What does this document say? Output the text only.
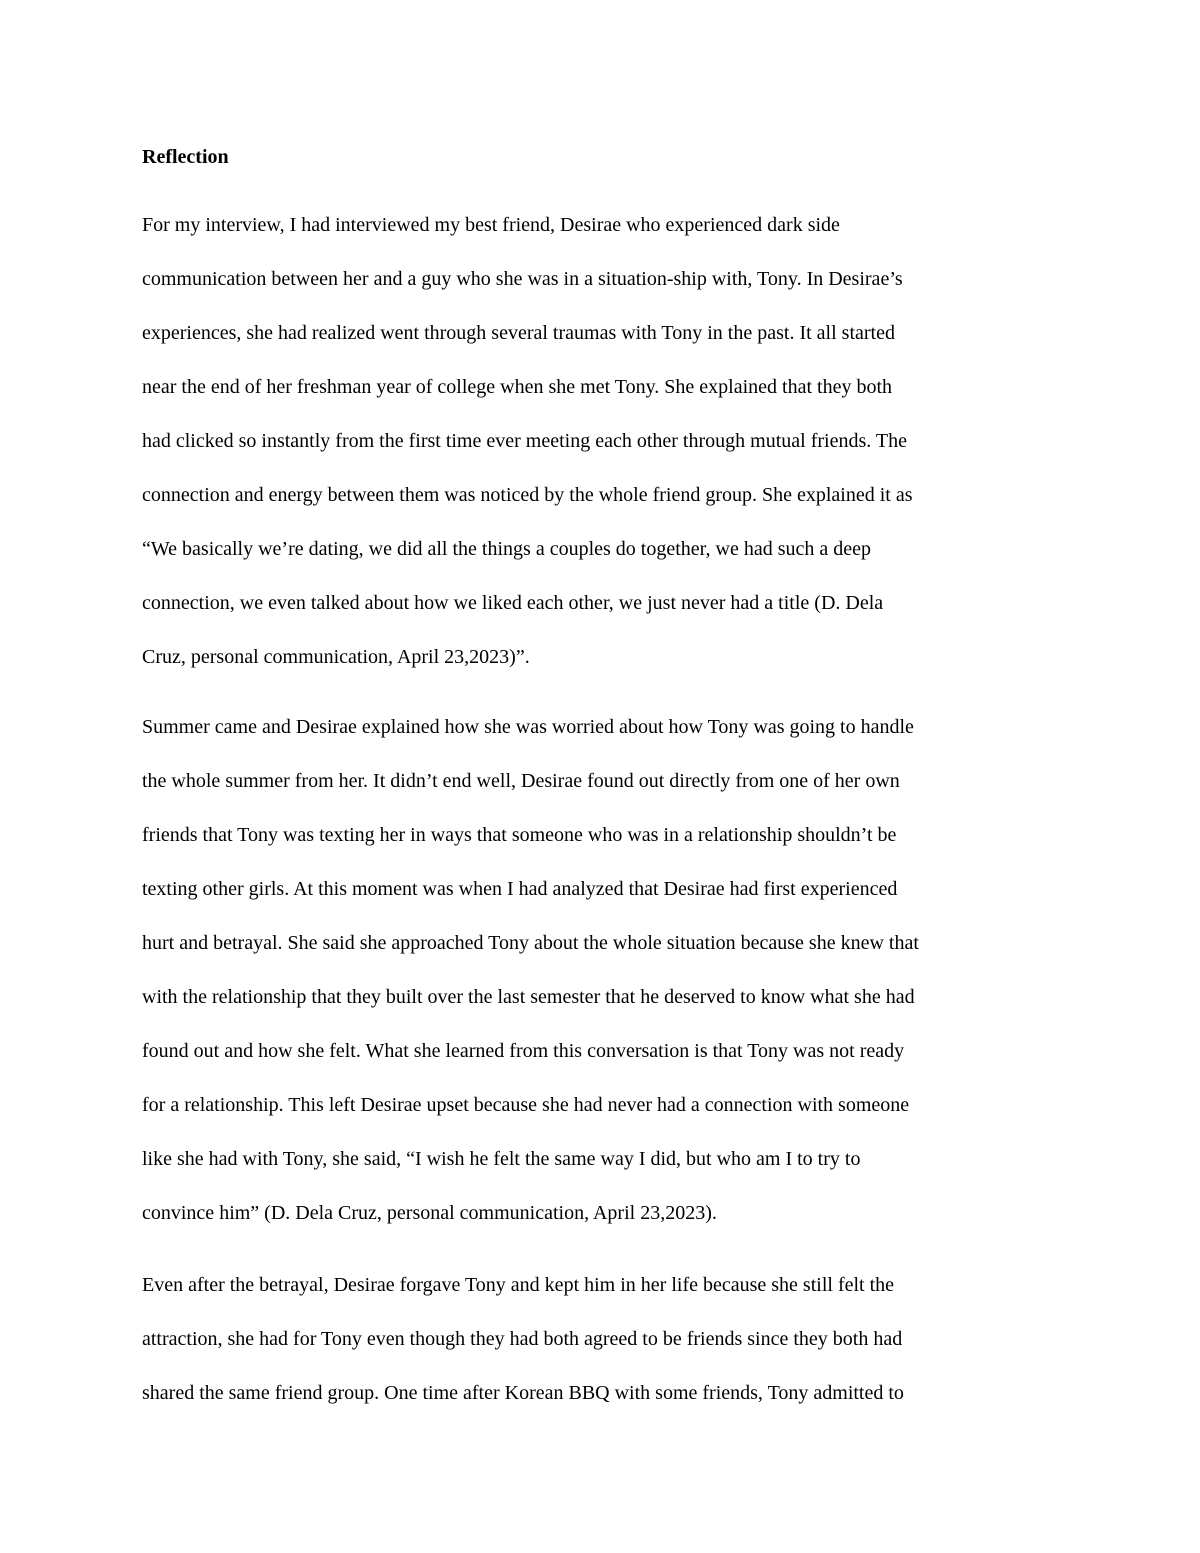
Reflection

For my interview, I had interviewed my best friend, Desirae who experienced dark side

communication between her and a guy who she was in a situation-ship with, Tony. In Desirae’s

experiences, she had realized went through several traumas with Tony in the past. It all started

near the end of her freshman year of college when she met Tony. She explained that they both

had clicked so instantly from the first time ever meeting each other through mutual friends. The

connection and energy between them was noticed by the whole friend group. She explained it as

“We basically we’re dating, we did all the things a couples do together, we had such a deep

connection, we even talked about how we liked each other, we just never had a title (D. Dela

Cruz, personal communication, April 23,2023)”.

Summer came and Desirae explained how she was worried about how Tony was going to handle

the whole summer from her. It didn’t end well, Desirae found out directly from one of her own

friends that Tony was texting her in ways that someone who was in a relationship shouldn’t be

texting other girls. At this moment was when I had analyzed that Desirae had first experienced

hurt and betrayal. She said she approached Tony about the whole situation because she knew that

with the relationship that they built over the last semester that he deserved to know what she had

found out and how she felt. What she learned from this conversation is that Tony was not ready

for a relationship. This left Desirae upset because she had never had a connection with someone

like she had with Tony, she said, “I wish he felt the same way I did, but who am I to try to

convince him” (D. Dela Cruz, personal communication, April 23,2023).

Even after the betrayal, Desirae forgave Tony and kept him in her life because she still felt the

attraction, she had for Tony even though they had both agreed to be friends since they both had

shared the same friend group. One time after Korean BBQ with some friends, Tony admitted to
